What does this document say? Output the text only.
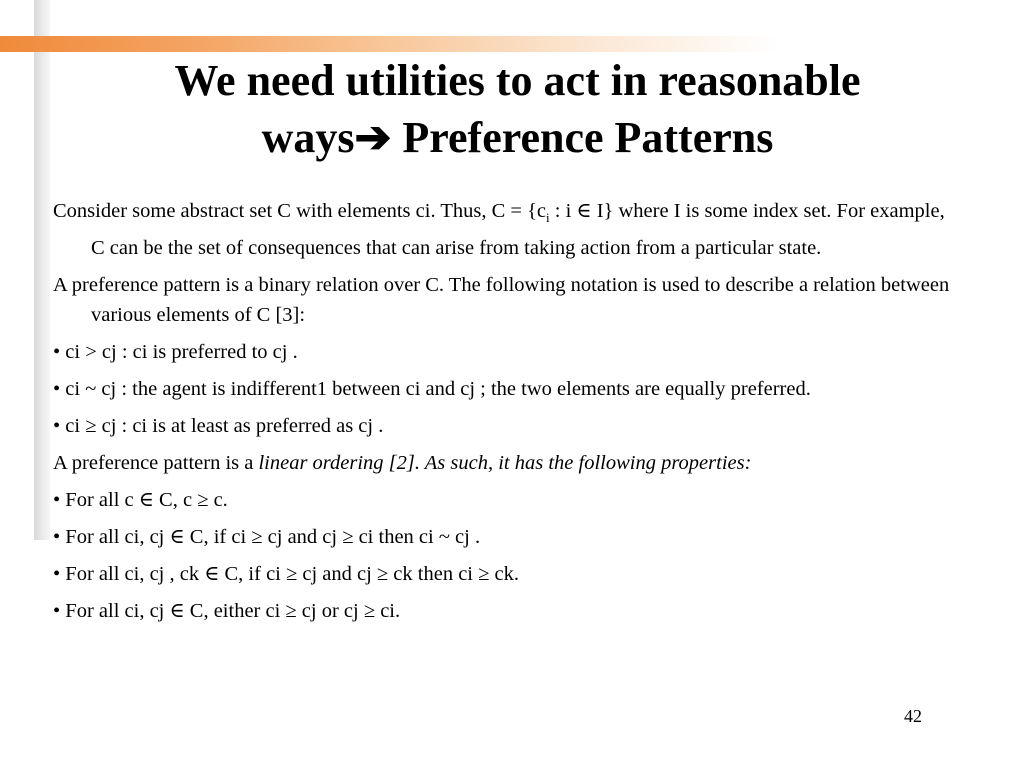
We need utilities to act in reasonable
ways➔ Preference Patterns

Consider some abstract set C with elements ci. Thus, $C = \{c_i$ : i ∈ I} where I is some index set. For example, C can be the set of consequences that can arise from taking action from a particular state.

A preference pattern is a binary relation over C. The following notation is used to describe a relation between various elements of C [3]:

• ci > cj : ci is preferred to cj .

• ci ~ cj : the agent is indifferent1 between ci and cj ; the two elements are equally preferred.

• ci ≥ cj : ci is at least as preferred as cj .

A preference pattern is a linear ordering [2]. As such, it has the following properties:

• For all c ∈ C, c ≥ c.

• For all ci, cj ∈ C, if ci ≥ cj and cj ≥ ci then ci ~ cj .

• For all ci, cj , ck ∈ C, if ci ≥ cj and cj ≥ ck then ci ≥ ck.

• For all ci, cj ∈ C, either ci ≥ cj or cj ≥ ci.

42
